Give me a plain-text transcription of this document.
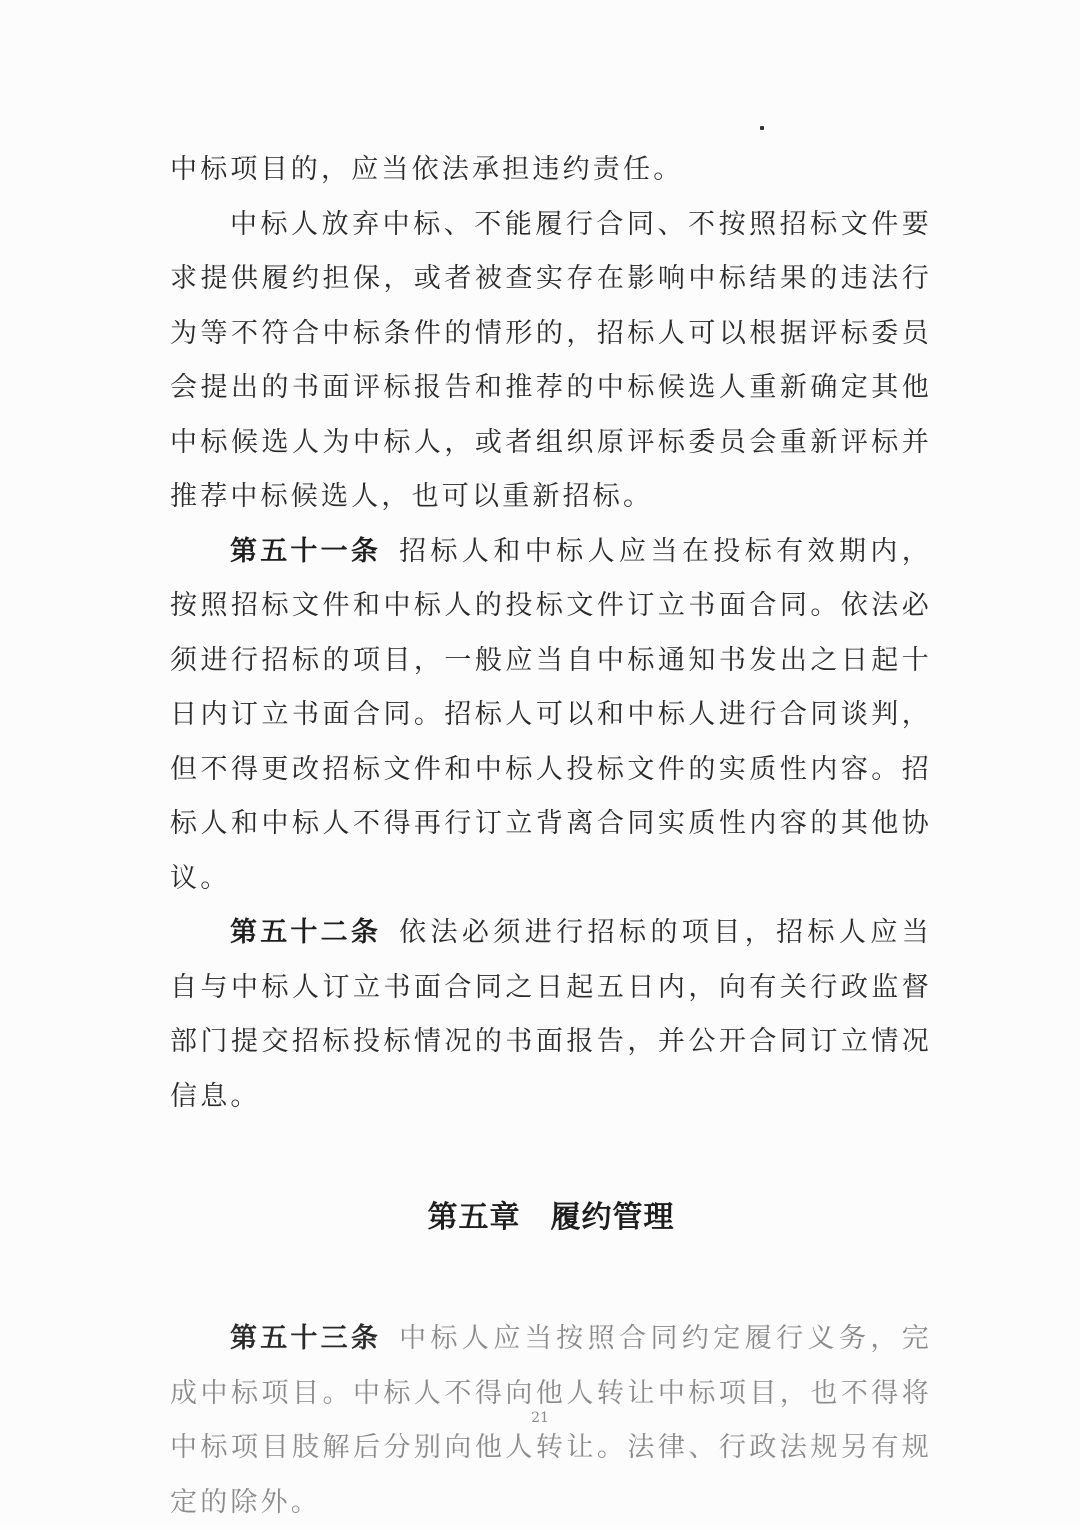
中标项目的，应当依法承担违约责任。

中标人放弃中标、不能履行合同、不按照招标文件要求提供履约担保，或者被查实存在影响中标结果的违法行为等不符合中标条件的情形的，招标人可以根据评标委员会提出的书面评标报告和推荐的中标候选人重新确定其他中标候选人为中标人，或者组织原评标委员会重新评标并推荐中标候选人，也可以重新招标。

第五十一条 招标人和中标人应当在投标有效期内，按照招标文件和中标人的投标文件订立书面合同。依法必须进行招标的项目，一般应当自中标通知书发出之日起十日内订立书面合同。招标人可以和中标人进行合同谈判，但不得更改招标文件和中标人投标文件的实质性内容。招标人和中标人不得再行订立背离合同实质性内容的其他协议。

第五十二条 依法必须进行招标的项目，招标人应当自与中标人订立书面合同之日起五日内，向有关行政监督部门提交招标投标情况的书面报告，并公开合同订立情况信息。

第五章 履约管理

第五十三条 中标人应当按照合同约定履行义务，完成中标项目。中标人不得向他人转让中标项目，也不得将中标项目肢解后分别向他人转让。法律、行政法规另有规定的除外。

21
